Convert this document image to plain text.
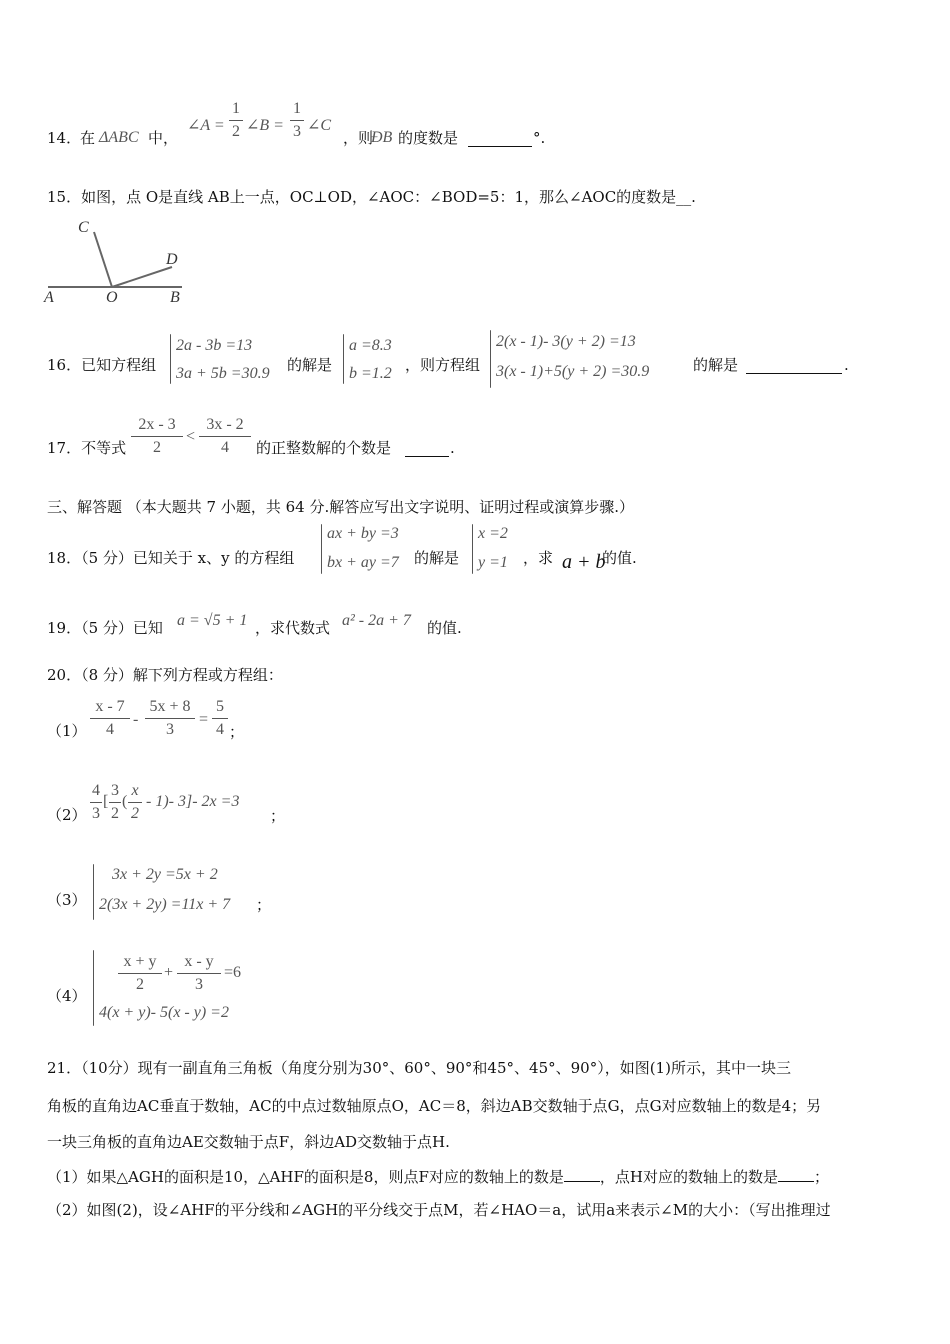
14．
在 ΔABC 中，
∠A =
1
2 ∠B =
1
3 ∠C
，则
ÐB 的度数是	°.
15．如图，点 O是直线 AB上一点，OC⊥OD，∠AOC：∠BOD=5：1，那么∠AOC的度数是__.
C
D
A	O	B
16．已知方程组
2a - 3b =13
3a + 5b =30.9 的解是
a =8.3
b =1.2 ，则方程组
2(x - 1)- 3(y + 2) =13
3(x - 1)+5(y + 2) =30.9	的解是	.
17．不等式
2x - 3
2
<
3x - 2
4	的正整数解的个数是	.
三、解答题 （本大题共 7 小题，共 64 分.解答应写出文字说明、证明过程或演算步骤.）
18．（5 分）已知关于 x、y 的方程组
ax + by =3
bx + ay =7 的解是
x =2
y =1 ，求 a + b
的值.
19．（5 分）已知 a = √5 + 1 ，求代数式 a² - 2a + 7 的值.
20．（8 分）解下列方程或方程组：
（1）
x - 7
4
-
5x + 8
3
=
5
4 ；
（2）
4
3
[
3
2
(
x
2
- 1)- 3]- 2x =3
；
（3）
3x + 2y =5x + 2
2(3x + 2y) =11x + 7 ；
（4）
x + y
2
+
x - y
3
=6
4(x + y)- 5(x - y) =2
21．（10分）现有一副直角三角板（角度分别为30°、60°、90°和45°、45°、90°），如图(1)所示，其中一块三
角板的直角边AC垂直于数轴，AC的中点过数轴原点O，AC＝8，斜边AB交数轴于点G，点G对应数轴上的数是4；另
一块三角板的直角边AE交数轴于点F，斜边AD交数轴于点H.
（1）如果△AGH的面积是10，△AHF的面积是8，则点F对应的数轴上的数是 ，点H对应的数轴上的数是 ；
（2）如图(2)，设∠AHF的平分线和∠AGH的平分线交于点M，若∠HAO＝a，试用a来表示∠M的大小：（写出推理过
